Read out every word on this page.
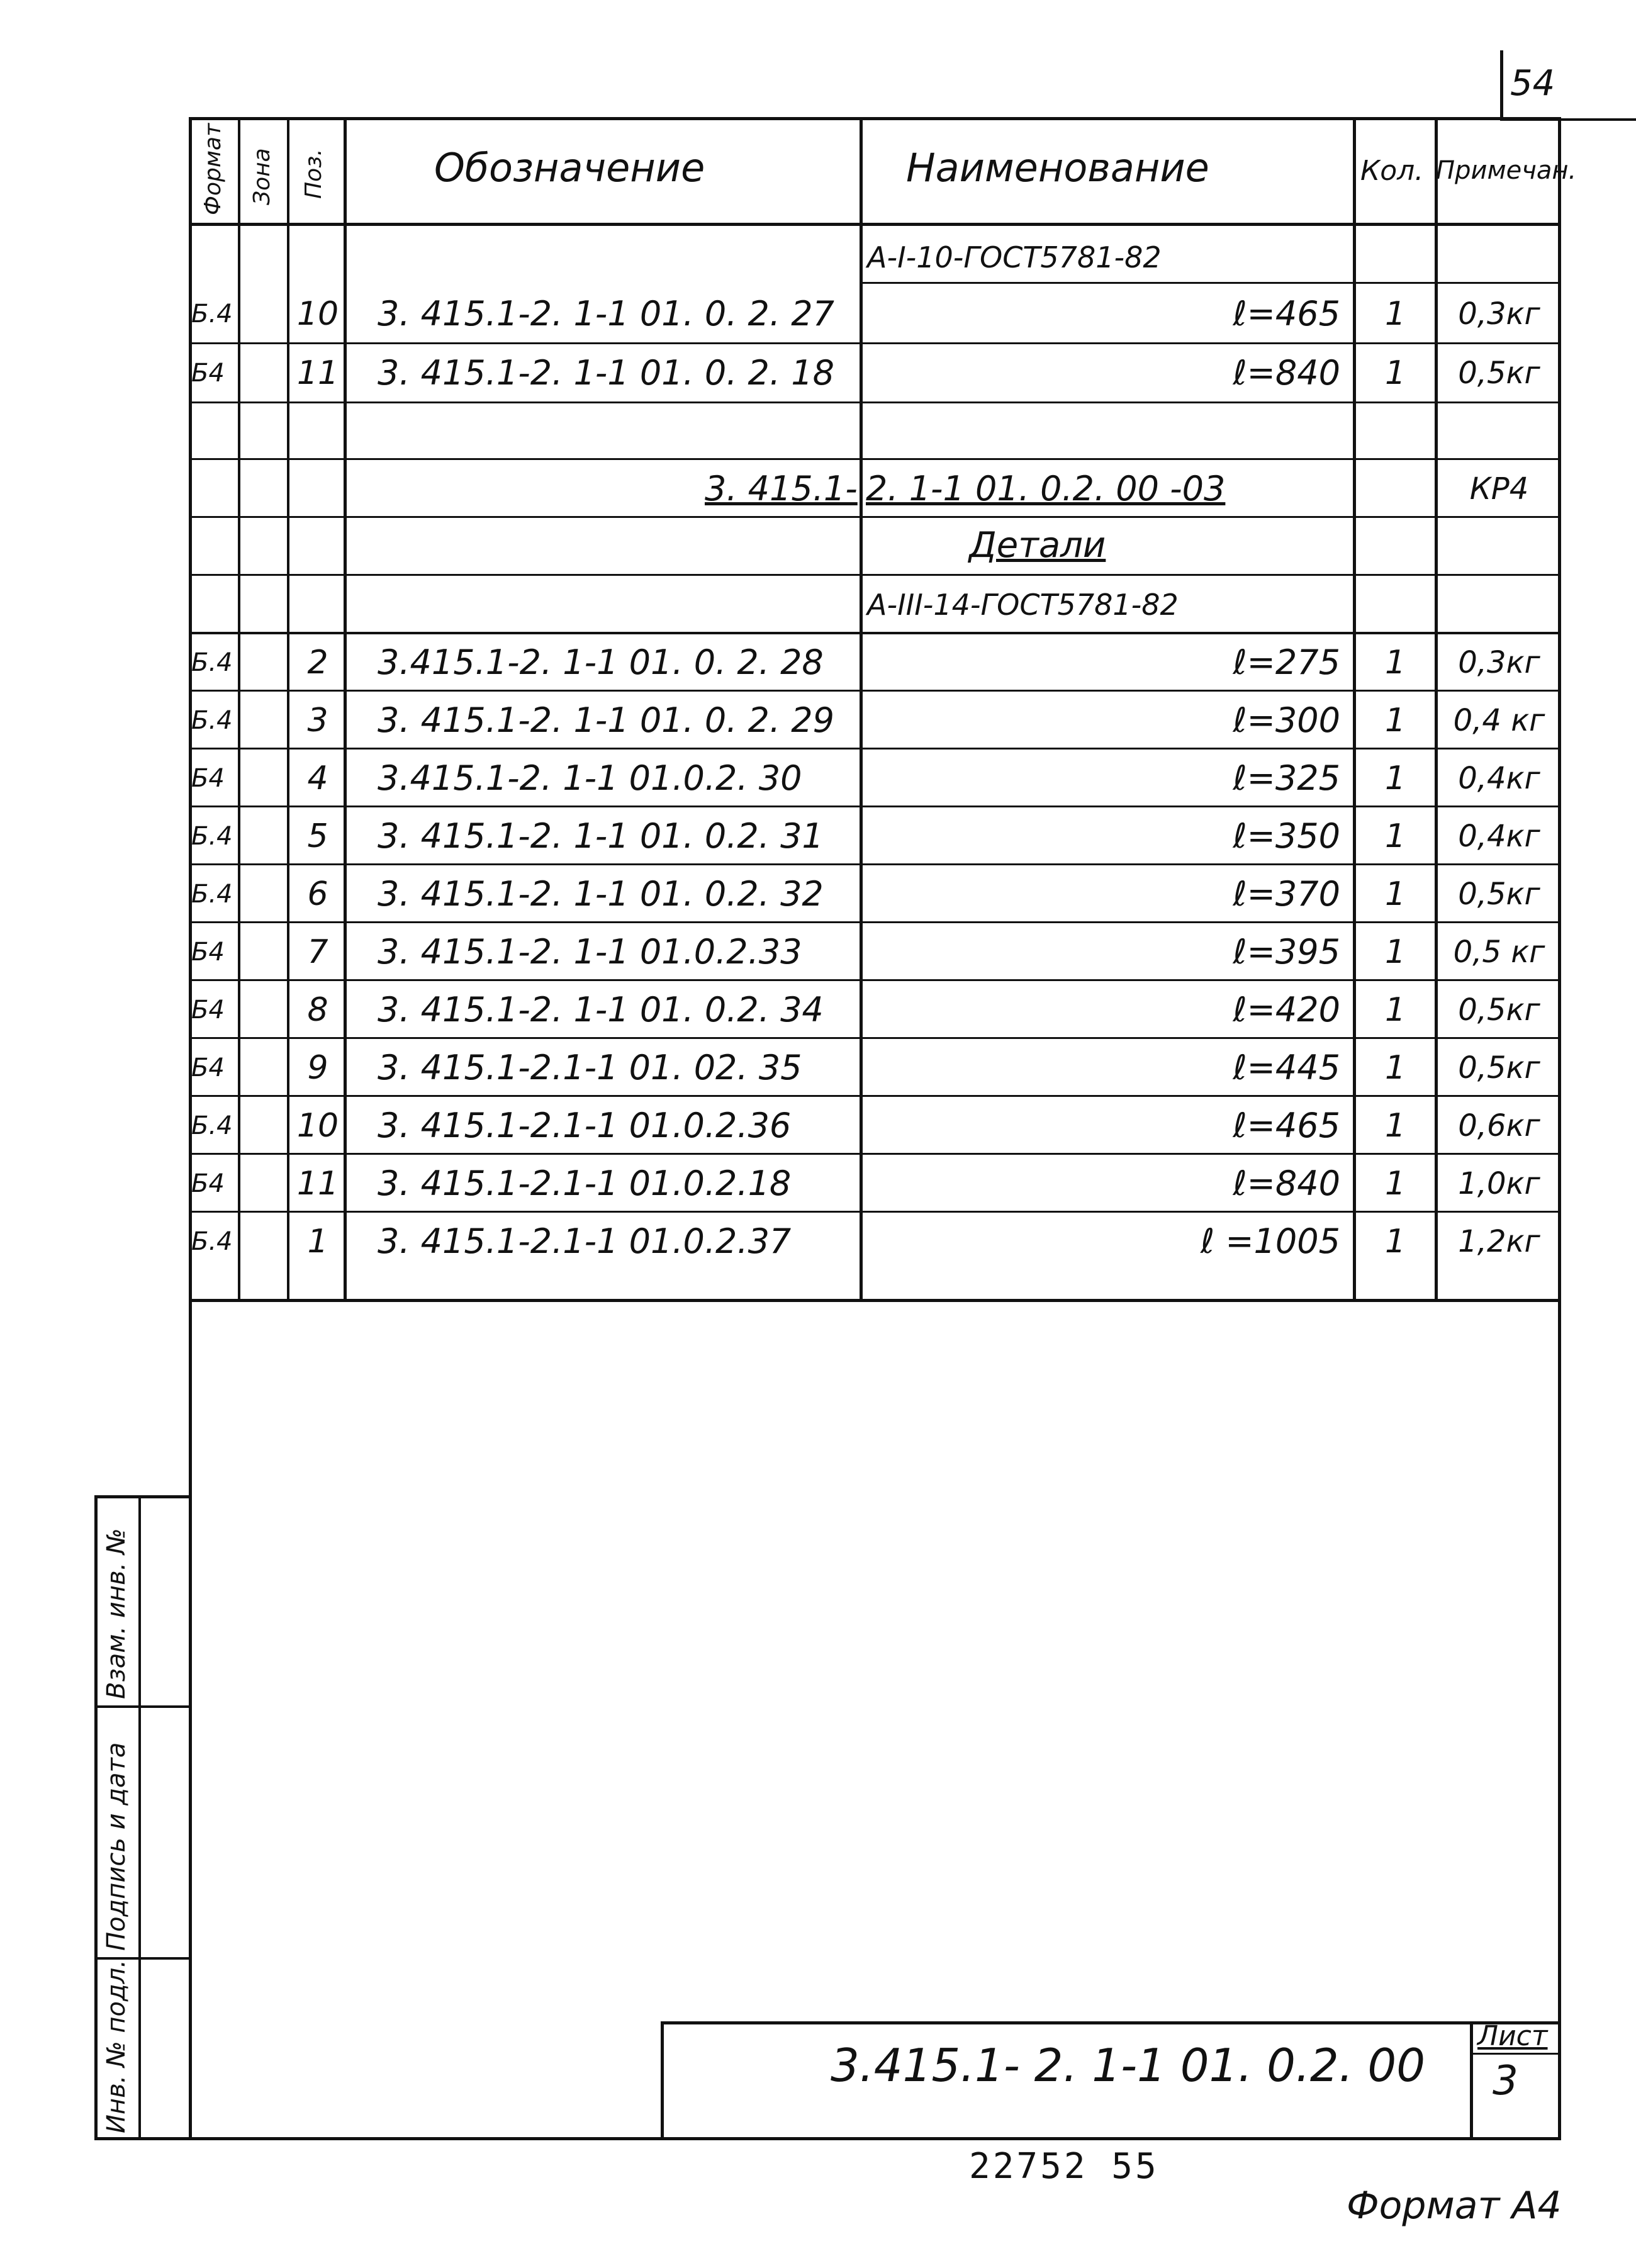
54
Формат Зона Поз.	Обозначение	Наименование	Кол. Примечан.
А-I-10-ГОСТ5781-82
Б.4 10	3. 415.1-2. 1-1 01. 0. 2. 27	ℓ=465	1	0,3кг
Б4	11	3. 415.1-2. 1-1 01. 0. 2. 18	ℓ=840	1	0,5кг
3. 415.1- 2. 1-1 01. 0.2. 00 -03	КР4
Детали
А-III-14-ГОСТ5781-82
Б.4	2	3.415.1-2. 1-1 01. 0. 2. 28	ℓ=275	1	0,3кг
Б.4	3	3. 415.1-2. 1-1 01. 0. 2. 29	ℓ=300	1	0,4 кг
Б4	4	3.415.1-2. 1-1 01.0.2. 30	ℓ=325	1	0,4кг
Б.4	5	3. 415.1-2. 1-1 01. 0.2. 31	ℓ=350	1	0,4кг
Б.4	6	3. 415.1-2. 1-1 01. 0.2. 32	ℓ=370	1	0,5кг
Б4	7	3. 415.1-2. 1-1 01.0.2.33	ℓ=395	1	0,5 кг
Б4	8	3. 415.1-2. 1-1 01. 0.2. 34	ℓ=420	1	0,5кг
Б4	9	3. 415.1-2.1-1 01. 02. 35	ℓ=445	1	0,5кг
Б.4 10	3. 415.1-2.1-1 01.0.2.36	ℓ=465	1	0,6кг
Б4	11	3. 415.1-2.1-1 01.0.2.18	ℓ=840	1	1,0кг
Б.4	1	3. 415.1-2.1-1 01.0.2.37	ℓ =1005	1	1,2кг
Взам. инв. №
Подпись и дата
Инв. № подл.	3.415.1- 2. 1-1 01. 0.2. 00
Лист
3
22752 55
Формат А4
